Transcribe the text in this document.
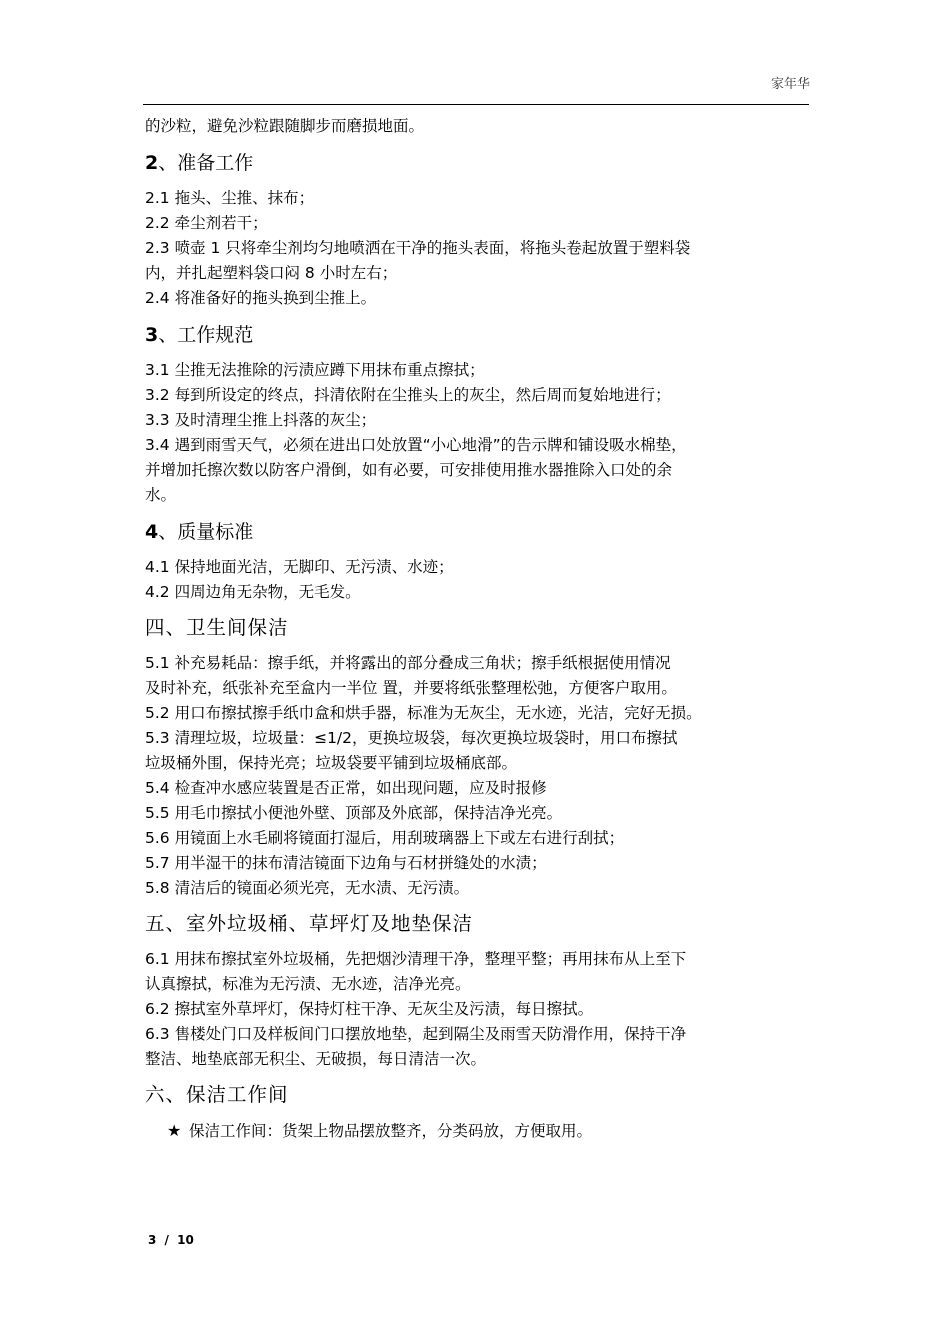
家年华
的沙粒，避免沙粒跟随脚步而磨损地面。
2、准备工作
2.1 拖头、尘推、抹布；
2.2 牵尘剂若干；
2.3 喷壶 1 只将牵尘剂均匀地喷洒在干净的拖头表面，将拖头卷起放置于塑料袋
内，并扎起塑料袋口闷 8 小时左右；
2.4 将准备好的拖头换到尘推上。
3、工作规范
3.1 尘推无法推除的污渍应蹲下用抹布重点擦拭；
3.2 每到所设定的终点，抖清依附在尘推头上的灰尘，然后周而复始地进行；
3.3 及时清理尘推上抖落的灰尘；
3.4 遇到雨雪天气，必须在进出口处放置“小心地滑”的告示牌和铺设吸水棉垫，
并增加托擦次数以防客户滑倒，如有必要，可安排使用推水器推除入口处的余
水。
4、质量标准
4.1 保持地面光洁，无脚印、无污渍、水迹；
4.2 四周边角无杂物，无毛发。
四、卫生间保洁
5.1 补充易耗品：擦手纸，并将露出的部分叠成三角状；擦手纸根据使用情况
及时补充，纸张补充至盒内一半位 置，并要将纸张整理松弛，方便客户取用。
5.2 用口布擦拭擦手纸巾盒和烘手器，标准为无灰尘，无水迹，光洁，完好无损。
5.3 清理垃圾，垃圾量：≤1/2，更换垃圾袋，每次更换垃圾袋时，用口布擦拭
垃圾桶外围，保持光亮；垃圾袋要平铺到垃圾桶底部。
5.4 检查冲水感应装置是否正常，如出现问题，应及时报修
5.5 用毛巾擦拭小便池外壁、顶部及外底部，保持洁净光亮。
5.6 用镜面上水毛刷将镜面打湿后，用刮玻璃器上下或左右进行刮拭；
5.7 用半湿干的抹布清洁镜面下边角与石材拼缝处的水渍；
5.8 清洁后的镜面必须光亮，无水渍、无污渍。
五、室外垃圾桶、草坪灯及地垫保洁
6.1 用抹布擦拭室外垃圾桶，先把烟沙清理干净，整理平整；再用抹布从上至下
认真擦拭，标准为无污渍、无水迹，洁净光亮。
6.2 擦拭室外草坪灯，保持灯柱干净、无灰尘及污渍，每日擦拭。
6.3 售楼处门口及样板间门口摆放地垫，起到隔尘及雨雪天防滑作用，保持干净
整洁、地垫底部无积尘、无破损，每日清洁一次。
六、保洁工作间
★ 保洁工作间：货架上物品摆放整齐，分类码放，方便取用。
3 / 10
